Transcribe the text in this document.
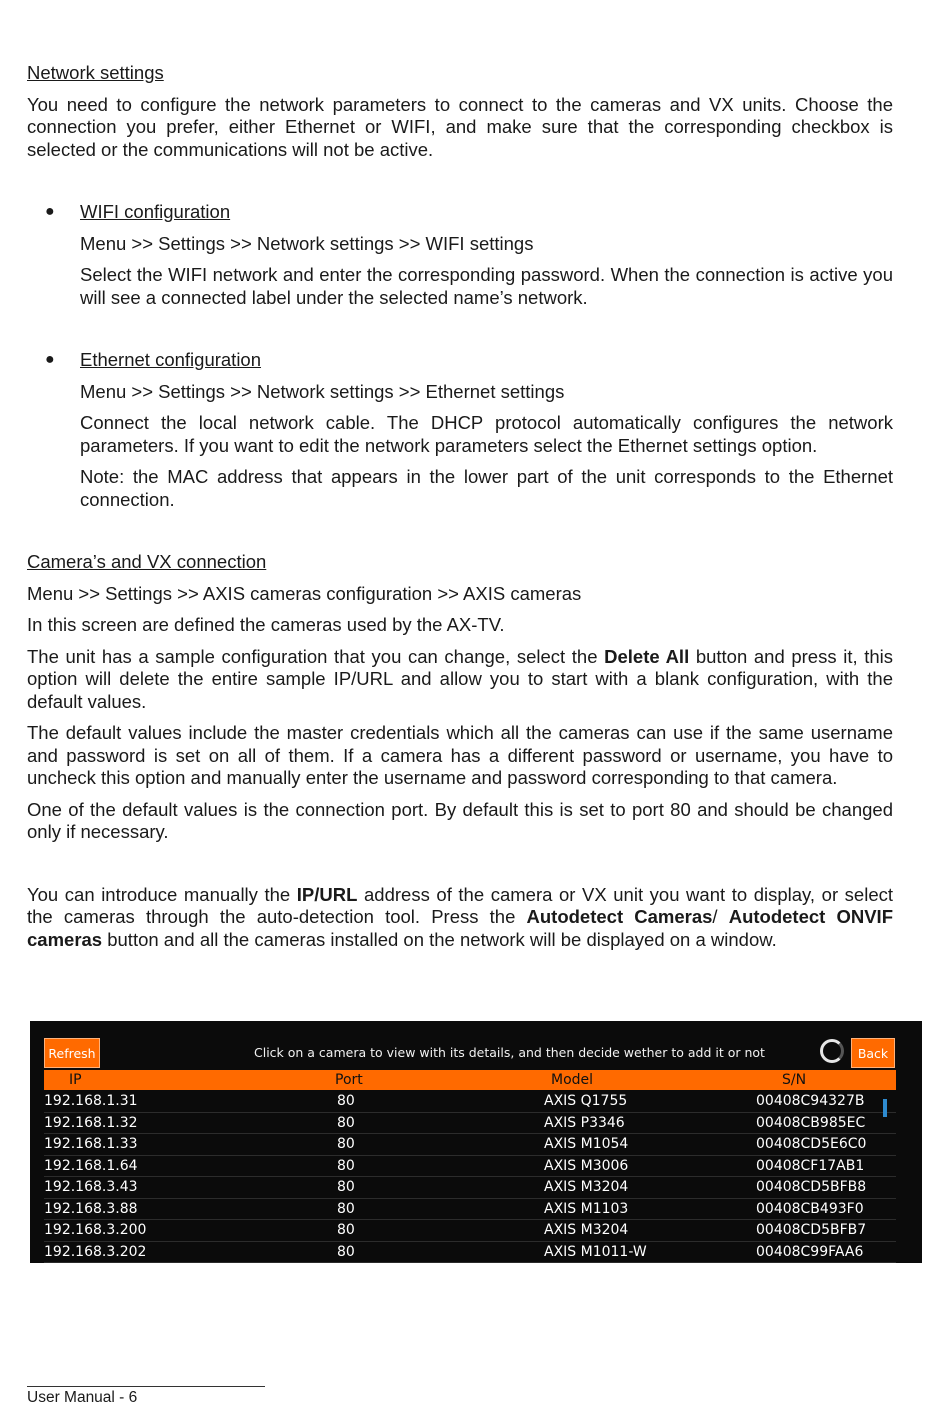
Network settings

You need to configure the network parameters to connect to the cameras and VX units. Choose the connection you prefer, either Ethernet or WIFI, and make sure that the corresponding checkbox is selected or the communications will not be active.

● WIFI configuration

Menu >> Settings >> Network settings >> WIFI settings

Select the WIFI network and enter the corresponding password. When the connection is active you will see a connected label under the selected name’s network.

● Ethernet configuration

Menu >> Settings >> Network settings >> Ethernet settings

Connect the local network cable. The DHCP protocol automatically configures the network parameters. If you want to edit the network parameters select the Ethernet settings option.

Note: the MAC address that appears in the lower part of the unit corresponds to the Ethernet connection.

Camera’s and VX connection

Menu >> Settings >> AXIS cameras configuration >> AXIS cameras

In this screen are defined the cameras used by the AX-TV.

The unit has a sample configuration that you can change, select the Delete All button and press it, this option will delete the entire sample IP/URL and allow you to start with a blank configuration, with the default values.

The default values include the master credentials which all the cameras can use if the same username and password is set on all of them. If a camera has a different password or username, you have to uncheck this option and manually enter the username and password corresponding to that camera.

One of the default values is the connection port. By default this is set to port 80 and should be changed only if necessary.

You can introduce manually the IP/URL address of the camera or VX unit you want to display, or select the cameras through the auto-detection tool. Press the Autodetect Cameras/ Autodetect ONVIF cameras button and all the cameras installed on the network will be displayed on a window.

Refresh	Click on a camera to view with its details, and then decide wether to add it or not	Back
IP	Port	Model	S/N
192.168.1.31	80	AXIS Q1755	00408C94327B
192.168.1.32	80	AXIS P3346	00408CB985EC
192.168.1.33	80	AXIS M1054	00408CD5E6C0
192.168.1.64	80	AXIS M3006	00408CF17AB1
192.168.3.43	80	AXIS M3204	00408CD5BFB8
192.168.3.88	80	AXIS M1103	00408CB493F0
192.168.3.200	80	AXIS M3204	00408CD5BFB7
192.168.3.202	80	AXIS M1011-W	00408C99FAA6
User Manual - 6
